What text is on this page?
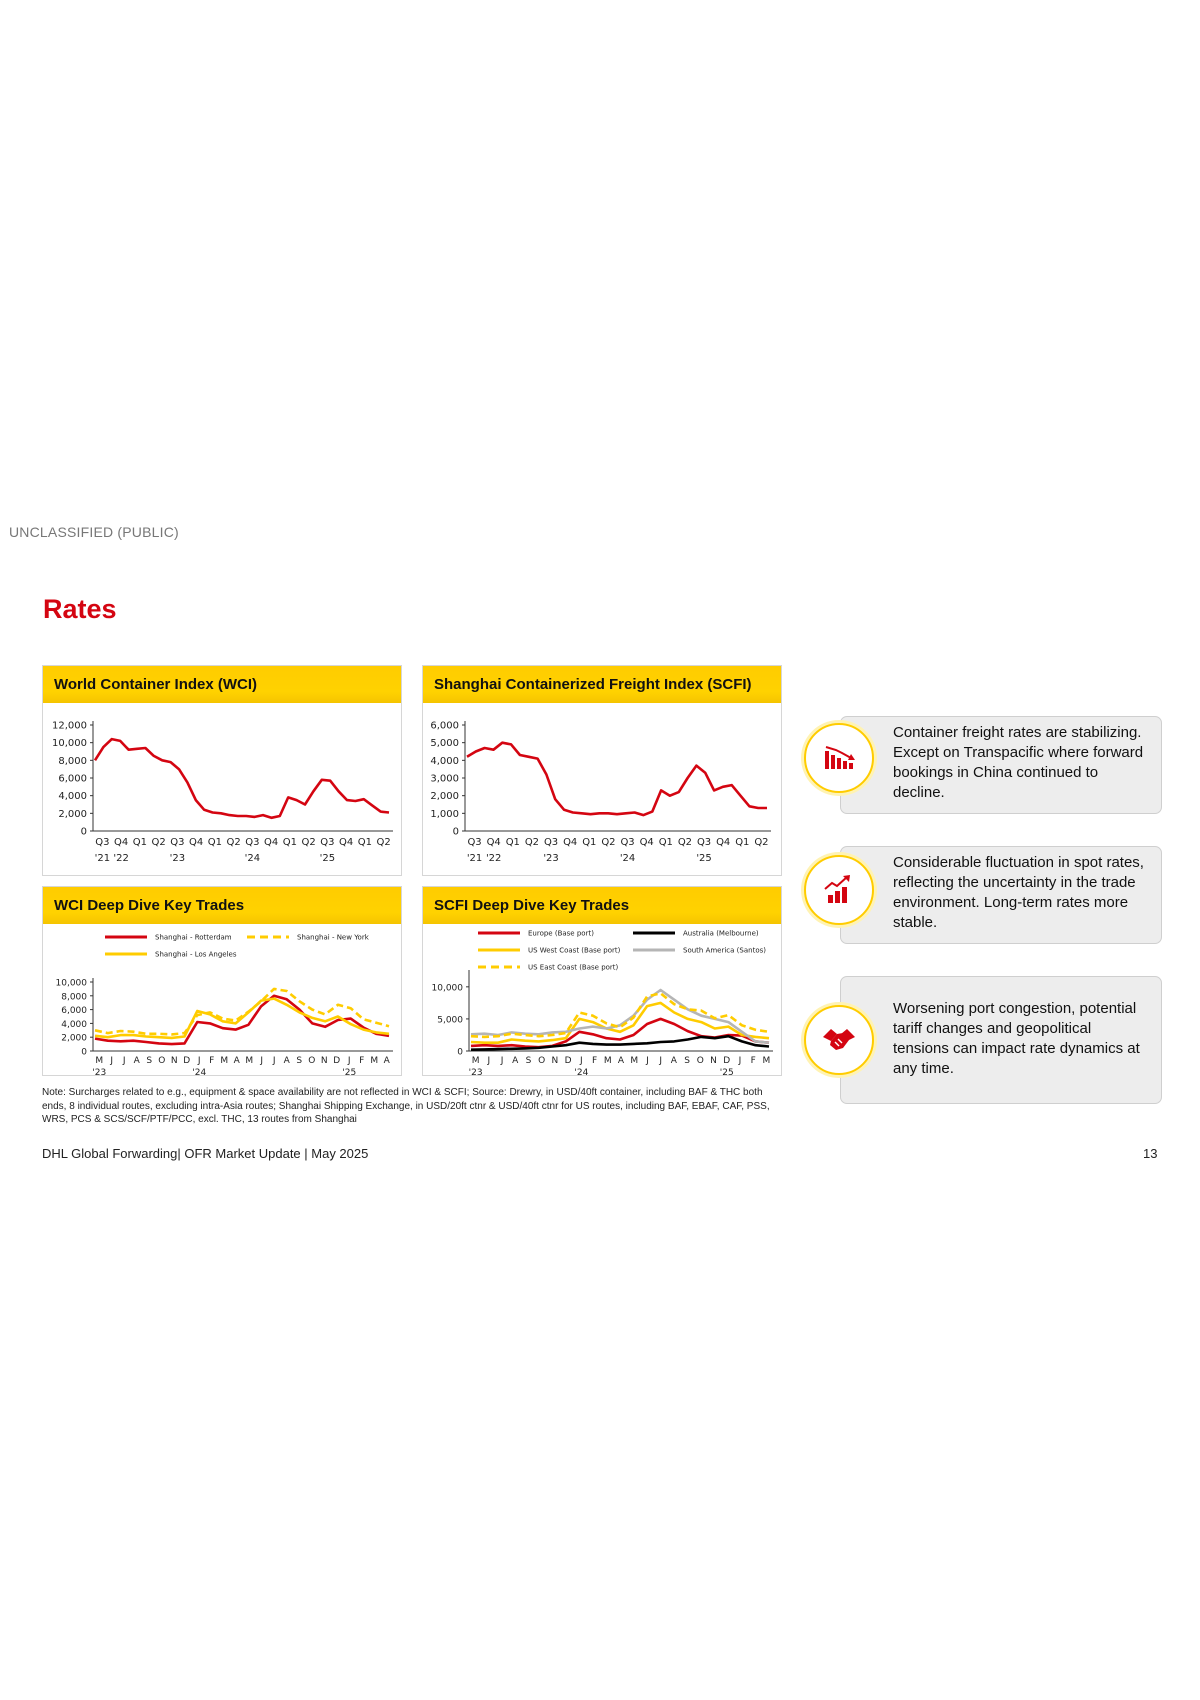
UNCLASSIFIED (PUBLIC)
Rates
World Container Index (WCI)
0
2,000
4,000
6,000
8,000
10,000
12,000
Q3 Q4 Q1 Q2 Q3 Q4 Q1 Q2 Q3 Q4 Q1 Q2 Q3 Q4 Q1 Q2
'21 '22	'23	'24	'25
Shanghai Containerized Freight Index (SCFI)
0
1,000
2,000
3,000
4,000
5,000
6,000
Q3 Q4 Q1 Q2 Q3 Q4 Q1 Q2 Q3 Q4 Q1 Q2 Q3 Q4 Q1 Q2
'21 '22	'23	'24	'25
WCI Deep Dive Key Trades
0
2,000
4,000
6,000
8,000
10,000
M J J A S O N D J F M A M J J A S O N D J F M A
'23	'24	'25
Shanghai - Rotterdam	Shanghai - New York
Shanghai - Los Angeles
SCFI Deep Dive Key Trades
0
5,000
10,000
M J J A S O N D J F M A M J J A S O N D J F M
'23	'24	'25
Europe (Base port)	Australia (Melbourne)
US West Coast (Base port)	South America (Santos)
US East Coast (Base port)
Container freight rates are stabilizing. Except on Transpacific where forward bookings in China continued to decline.
Considerable fluctuation in spot rates, reflecting the uncertainty in the trade environment. Long-term rates more stable.
Worsening port congestion, potential tariff changes and geopolitical tensions can impact rate dynamics at any time.
Note: Surcharges related to e.g., equipment & space availability are not reflected in WCI & SCFI; Source: Drewry, in USD/40ft container, including BAF & THC both ends, 8 individual routes, excluding intra-Asia routes; Shanghai Shipping Exchange, in USD/20ft ctnr & USD/40ft ctnr for US routes, including BAF, EBAF, CAF, PSS, WRS, PCS & SCS/SCF/PTF/PCC, excl. THC, 13 routes from Shanghai
DHL Global Forwarding| OFR Market Update | May 2025	13
